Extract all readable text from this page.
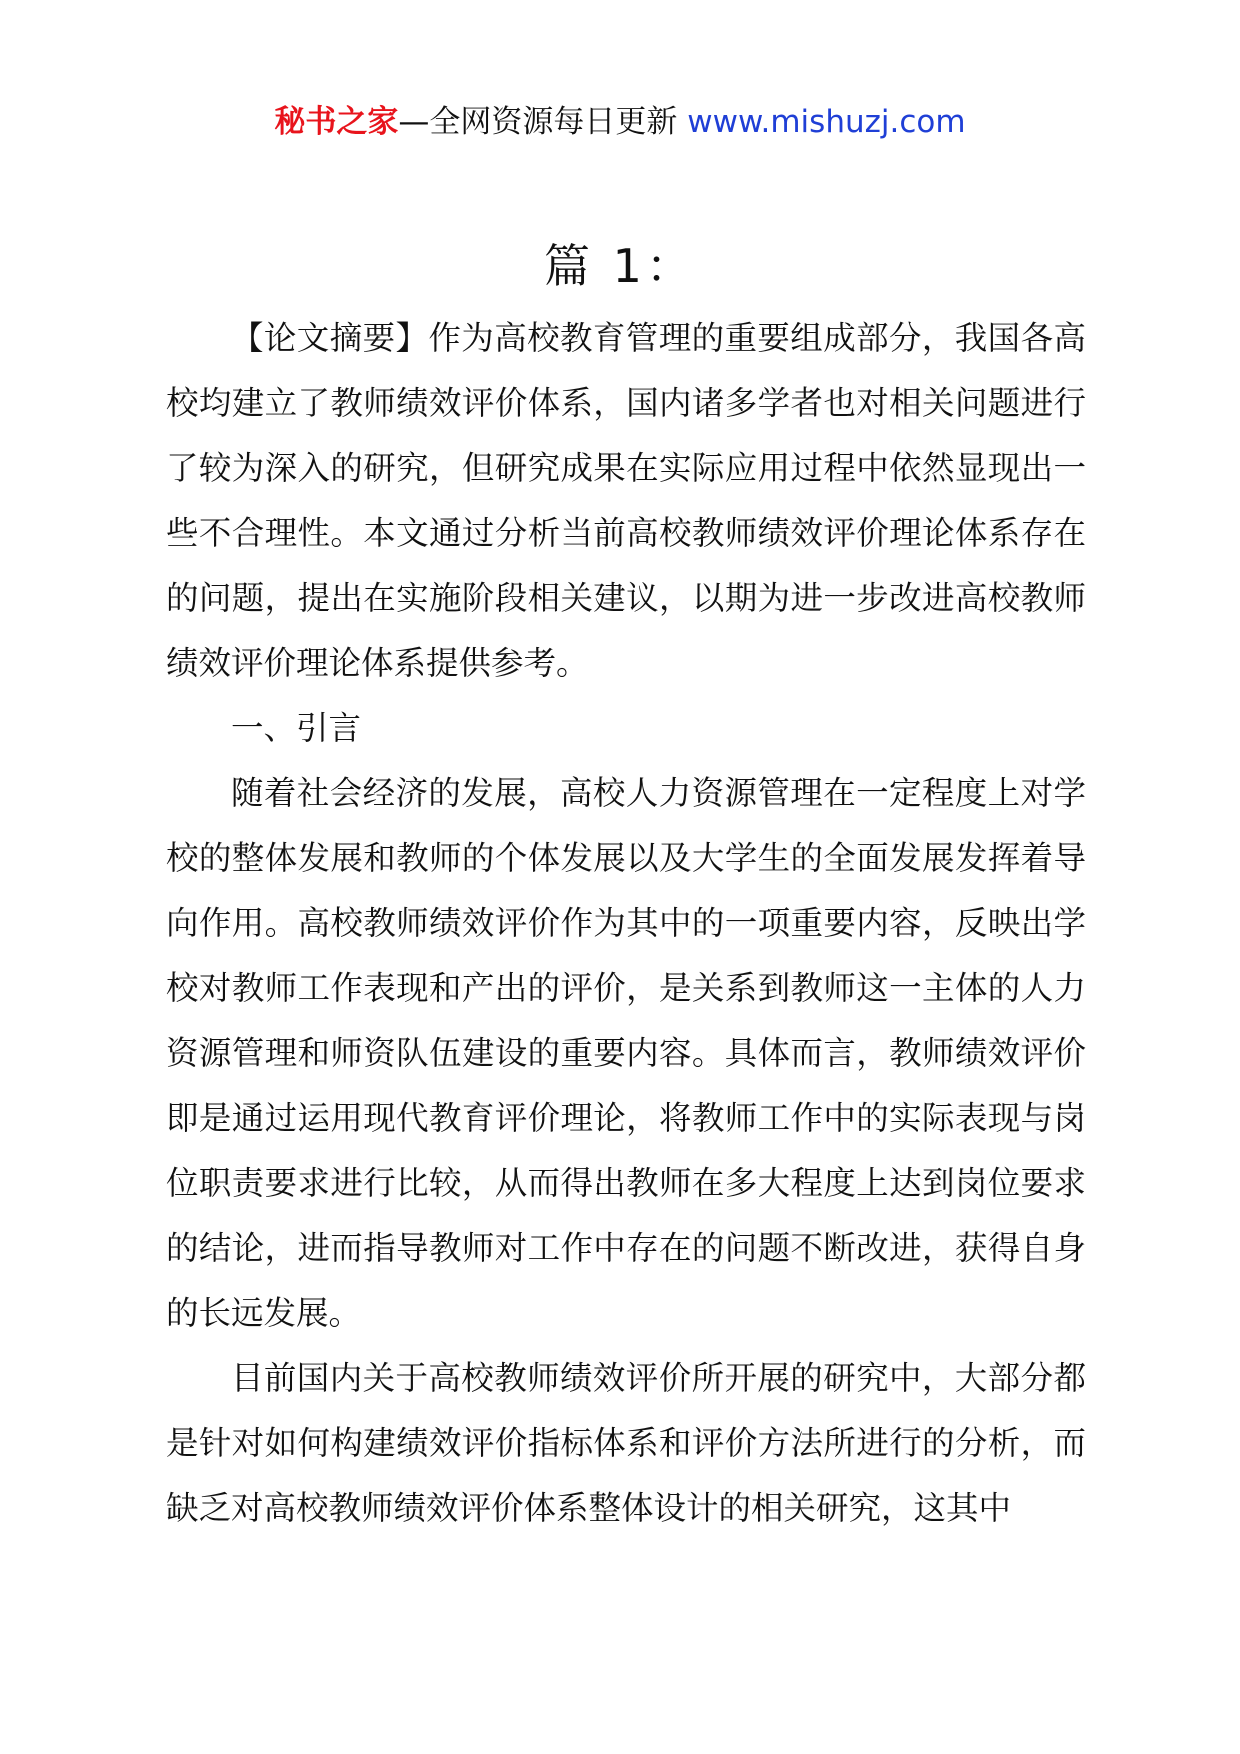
秘书之家—全网资源每日更新 www.mishuzj.com
篇 1：

【论文摘要】作为高校教育管理的重要组成部分，我国各高校均建立了教师绩效评价体系，国内诸多学者也对相关问题进行了较为深入的研究，但研究成果在实际应用过程中依然显现出一些不合理性。本文通过分析当前高校教师绩效评价理论体系存在的问题，提出在实施阶段相关建议，以期为进一步改进高校教师绩效评价理论体系提供参考。

一、引言

随着社会经济的发展，高校人力资源管理在一定程度上对学校的整体发展和教师的个体发展以及大学生的全面发展发挥着导向作用。高校教师绩效评价作为其中的一项重要内容，反映出学校对教师工作表现和产出的评价，是关系到教师这一主体的人力资源管理和师资队伍建设的重要内容。具体而言，教师绩效评价即是通过运用现代教育评价理论，将教师工作中的实际表现与岗位职责要求进行比较，从而得出教师在多大程度上达到岗位要求的结论，进而指导教师对工作中存在的问题不断改进，获得自身的长远发展。

目前国内关于高校教师绩效评价所开展的研究中，大部分都是针对如何构建绩效评价指标体系和评价方法所进行的分析，而缺乏对高校教师绩效评价体系整体设计的相关研究，这其中
